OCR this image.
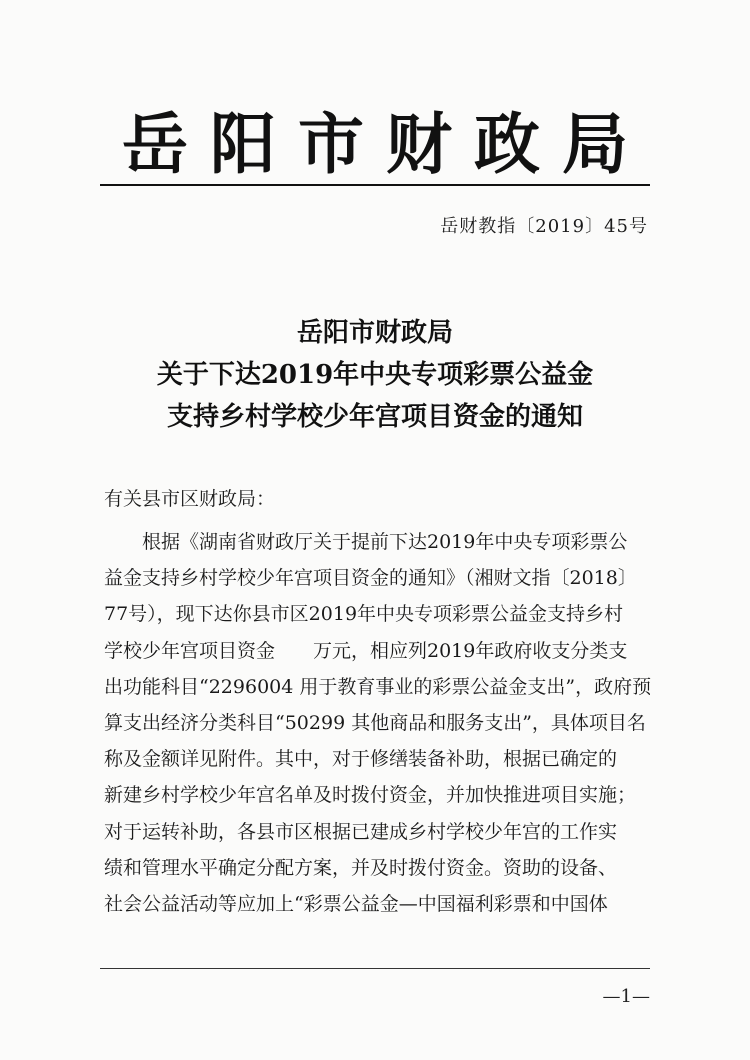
岳阳市财政局
岳财教指〔2019〕45号
岳阳市财政局
关于下达2019年中央专项彩票公益金
支持乡村学校少年宫项目资金的通知
有关县市区财政局：
根据《湖南省财政厅关于提前下达2019年中央专项彩票公
益金支持乡村学校少年宫项目资金的通知》（湘财文指〔2018〕
77号），现下达你县市区2019年中央专项彩票公益金支持乡村
学校少年宫项目资金　　万元，相应列2019年政府收支分类支
出功能科目“2296004 用于教育事业的彩票公益金支出”，政府预
算支出经济分类科目“50299 其他商品和服务支出”，具体项目名
称及金额详见附件。其中，对于修缮装备补助，根据已确定的
新建乡村学校少年宫名单及时拨付资金，并加快推进项目实施；
对于运转补助，各县市区根据已建成乡村学校少年宫的工作实
绩和管理水平确定分配方案，并及时拨付资金。资助的设备、
社会公益活动等应加上“彩票公益金—中国福利彩票和中国体
—1—
